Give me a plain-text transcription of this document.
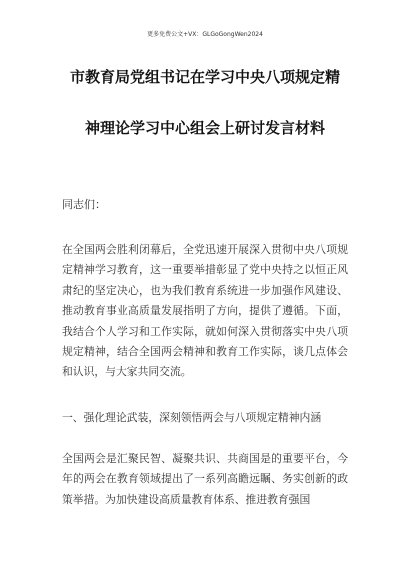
更多免费公文+VX：GLGoGongWen2024
市教育局党组书记在学习中央八项规定精
神理论学习中心组会上研讨发言材料
同志们：
在全国两会胜利闭幕后，全党迅速开展深入贯彻中央八项规定精神学习教育，这一重要举措彰显了党中央持之以恒正风肃纪的坚定决心，也为我们教育系统进一步加强作风建设、推动教育事业高质量发展指明了方向，提供了遵循。下面，我结合个人学习和工作实际，就如何深入贯彻落实中央八项规定精神，结合全国两会精神和教育工作实际，谈几点体会和认识，与大家共同交流。
一、强化理论武装，深刻领悟两会与八项规定精神内涵
全国两会是汇聚民智、凝聚共识、共商国是的重要平台，今年的两会在教育领域提出了一系列高瞻远瞩、务实创新的政策举措。为加快建设高质量教育体系、推进教育强国
